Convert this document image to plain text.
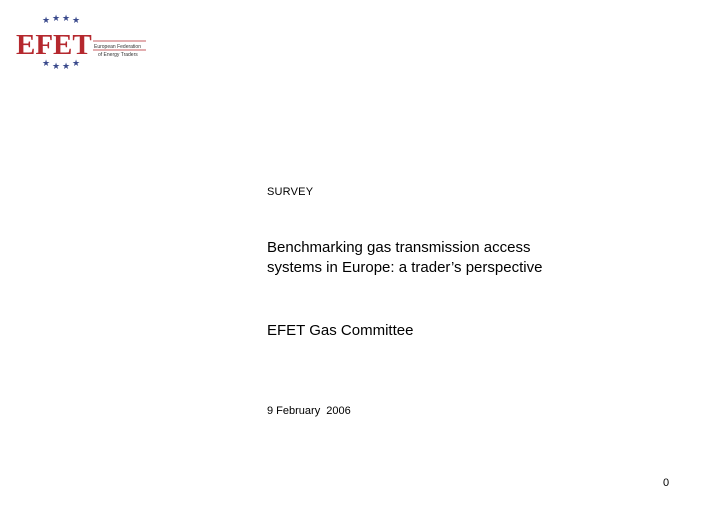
★ ★ ★ ★
★ ★ ★ ★
EFET European Federation
of Energy Traders
SURVEY
Benchmarking gas transmission access
systems in Europe: a trader’s perspective
EFET Gas Committee
9 February  2006
0
